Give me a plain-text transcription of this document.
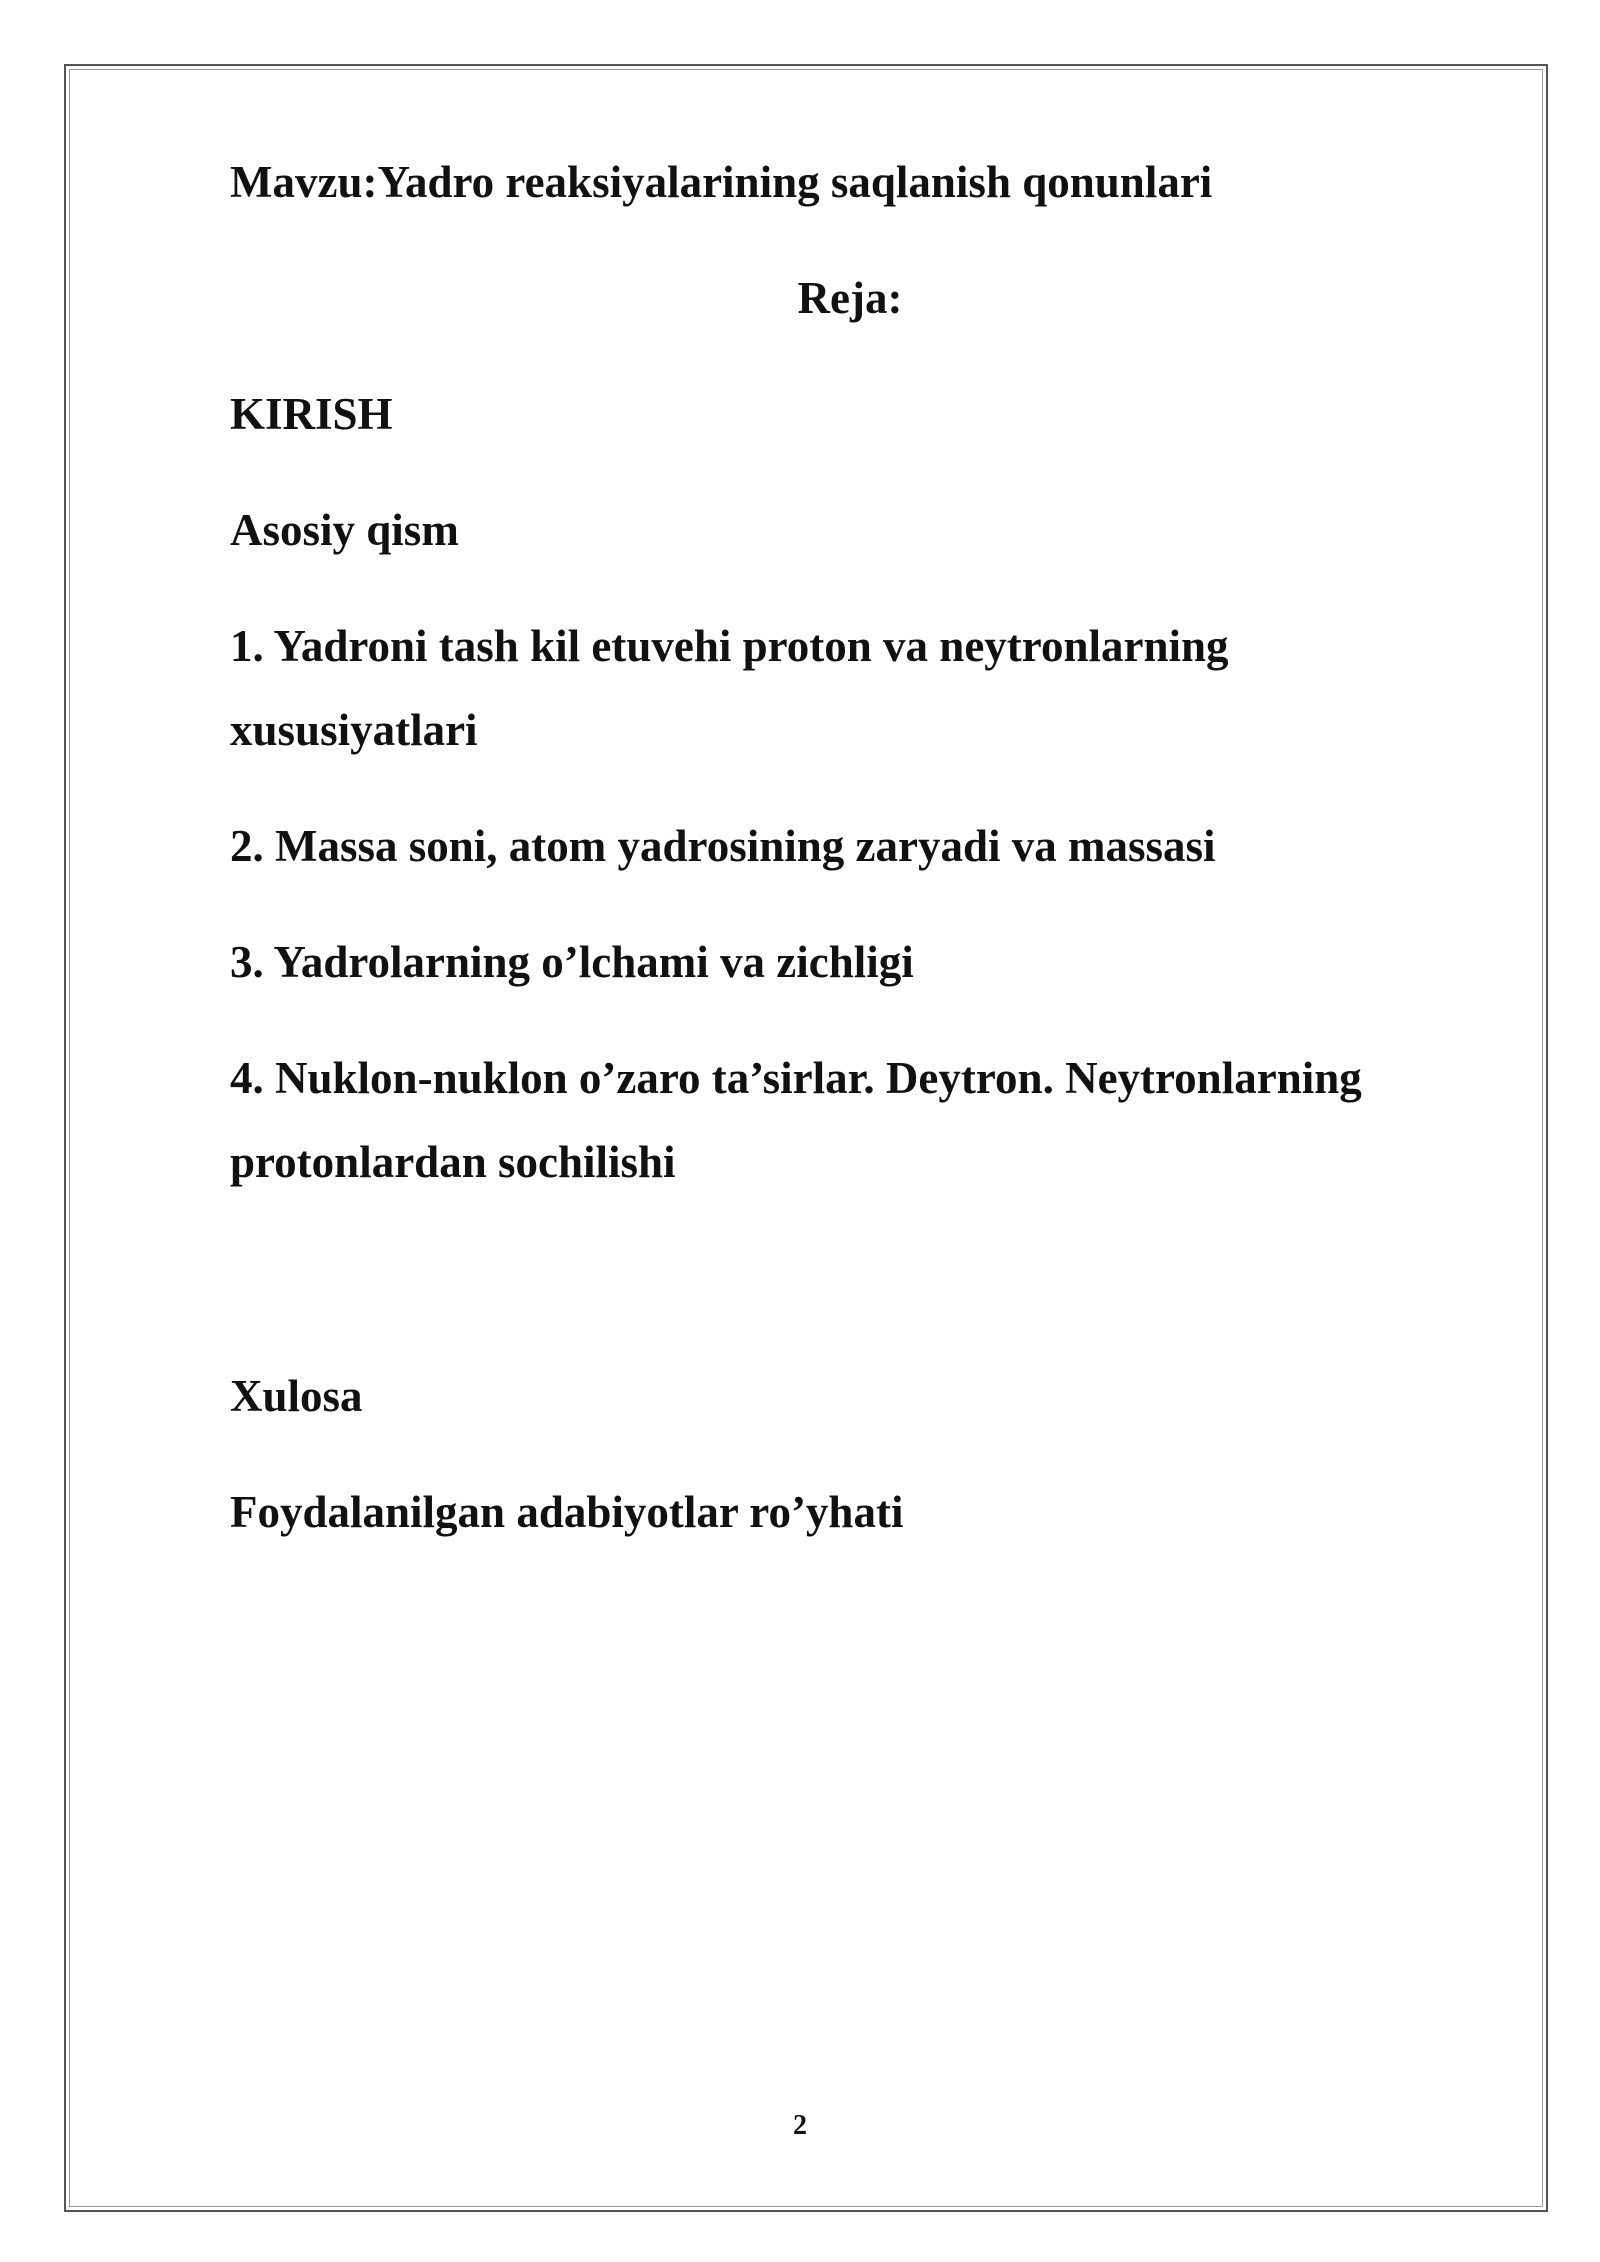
Mavzu:Yadro reaksiyalarining saqlanish qonunlari

Reja:

KIRISH

Asosiy qism

1. Yadroni tash kil etuvehi proton va neytronlarning xususiyatlari

2. Massa soni, atom yadrosining zaryadi va massasi

3. Yadrolarning o’lchami va zichligi

4. Nuklon-nuklon o’zaro ta’sirlar. Deytron. Neytronlarning protonlardan sochilishi

Xulosa

Foydalanilgan adabiyotlar ro’yhati

2
